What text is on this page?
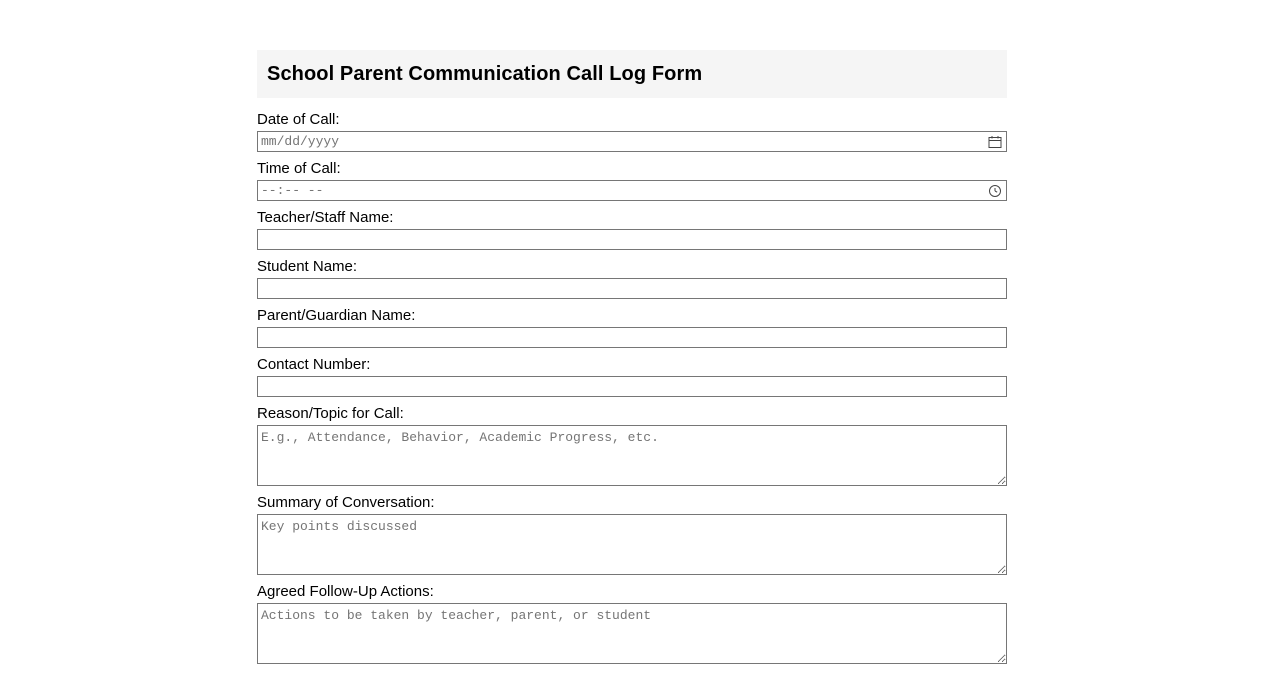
School Parent Communication Call Log Form
Date of Call:
mm/dd/yyyy
Time of Call:
--:-- --
Teacher/Staff Name:
Student Name:
Parent/Guardian Name:
Contact Number:
Reason/Topic for Call:
E.g., Attendance, Behavior, Academic Progress, etc.
Summary of Conversation:
Key points discussed
Agreed Follow-Up Actions:
Actions to be taken by teacher, parent, or student
